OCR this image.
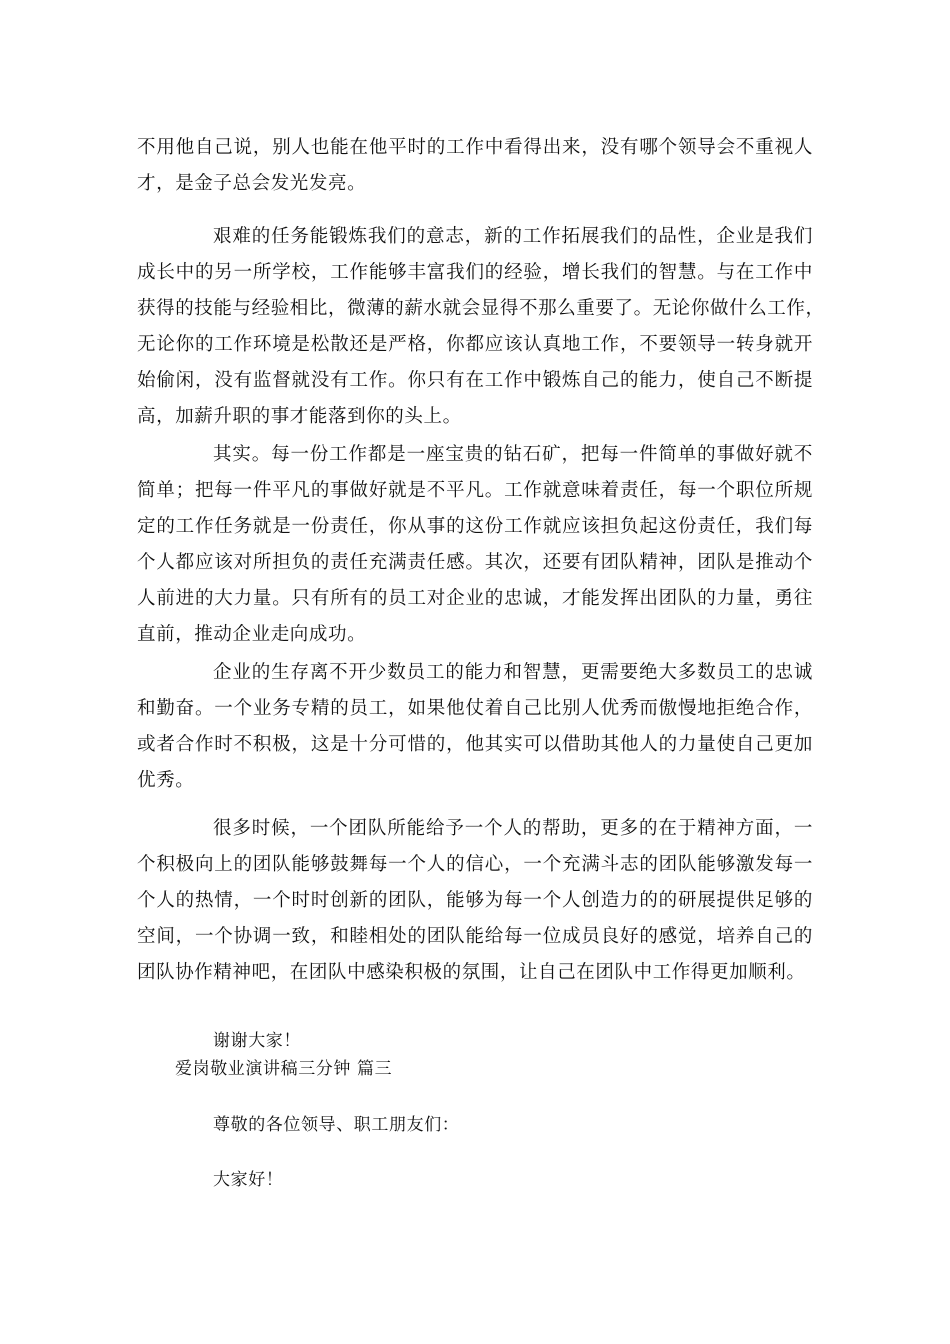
不用他自己说，别人也能在他平时的工作中看得出来，没有哪个领导会不重视人
才，是金子总会发光发亮。
艰难的任务能锻炼我们的意志，新的工作拓展我们的品性，企业是我们
成长中的另一所学校，工作能够丰富我们的经验，增长我们的智慧。与在工作中
获得的技能与经验相比，微薄的薪水就会显得不那么重要了。无论你做什么工作，
无论你的工作环境是松散还是严格，你都应该认真地工作，不要领导一转身就开
始偷闲，没有监督就没有工作。你只有在工作中锻炼自己的能力，使自己不断提
高，加薪升职的事才能落到你的头上。
其实。每一份工作都是一座宝贵的钻石矿，把每一件简单的事做好就不
简单；把每一件平凡的事做好就是不平凡。工作就意味着责任，每一个职位所规
定的工作任务就是一份责任，你从事的这份工作就应该担负起这份责任，我们每
个人都应该对所担负的责任充满责任感。其次，还要有团队精神，团队是推动个
人前进的大力量。只有所有的员工对企业的忠诚，才能发挥出团队的力量，勇往
直前，推动企业走向成功。
企业的生存离不开少数员工的能力和智慧，更需要绝大多数员工的忠诚
和勤奋。一个业务专精的员工，如果他仗着自己比别人优秀而傲慢地拒绝合作，
或者合作时不积极，这是十分可惜的，他其实可以借助其他人的力量使自己更加
优秀。
很多时候，一个团队所能给予一个人的帮助，更多的在于精神方面，一
个积极向上的团队能够鼓舞每一个人的信心，一个充满斗志的团队能够激发每一
个人的热情，一个时时创新的团队，能够为每一个人创造力的的研展提供足够的
空间，一个协调一致，和睦相处的团队能给每一位成员良好的感觉，培养自己的
团队协作精神吧，在团队中感染积极的氛围，让自己在团队中工作得更加顺利。
谢谢大家！
爱岗敬业演讲稿三分钟 篇三
尊敬的各位领导、职工朋友们：
大家好！
